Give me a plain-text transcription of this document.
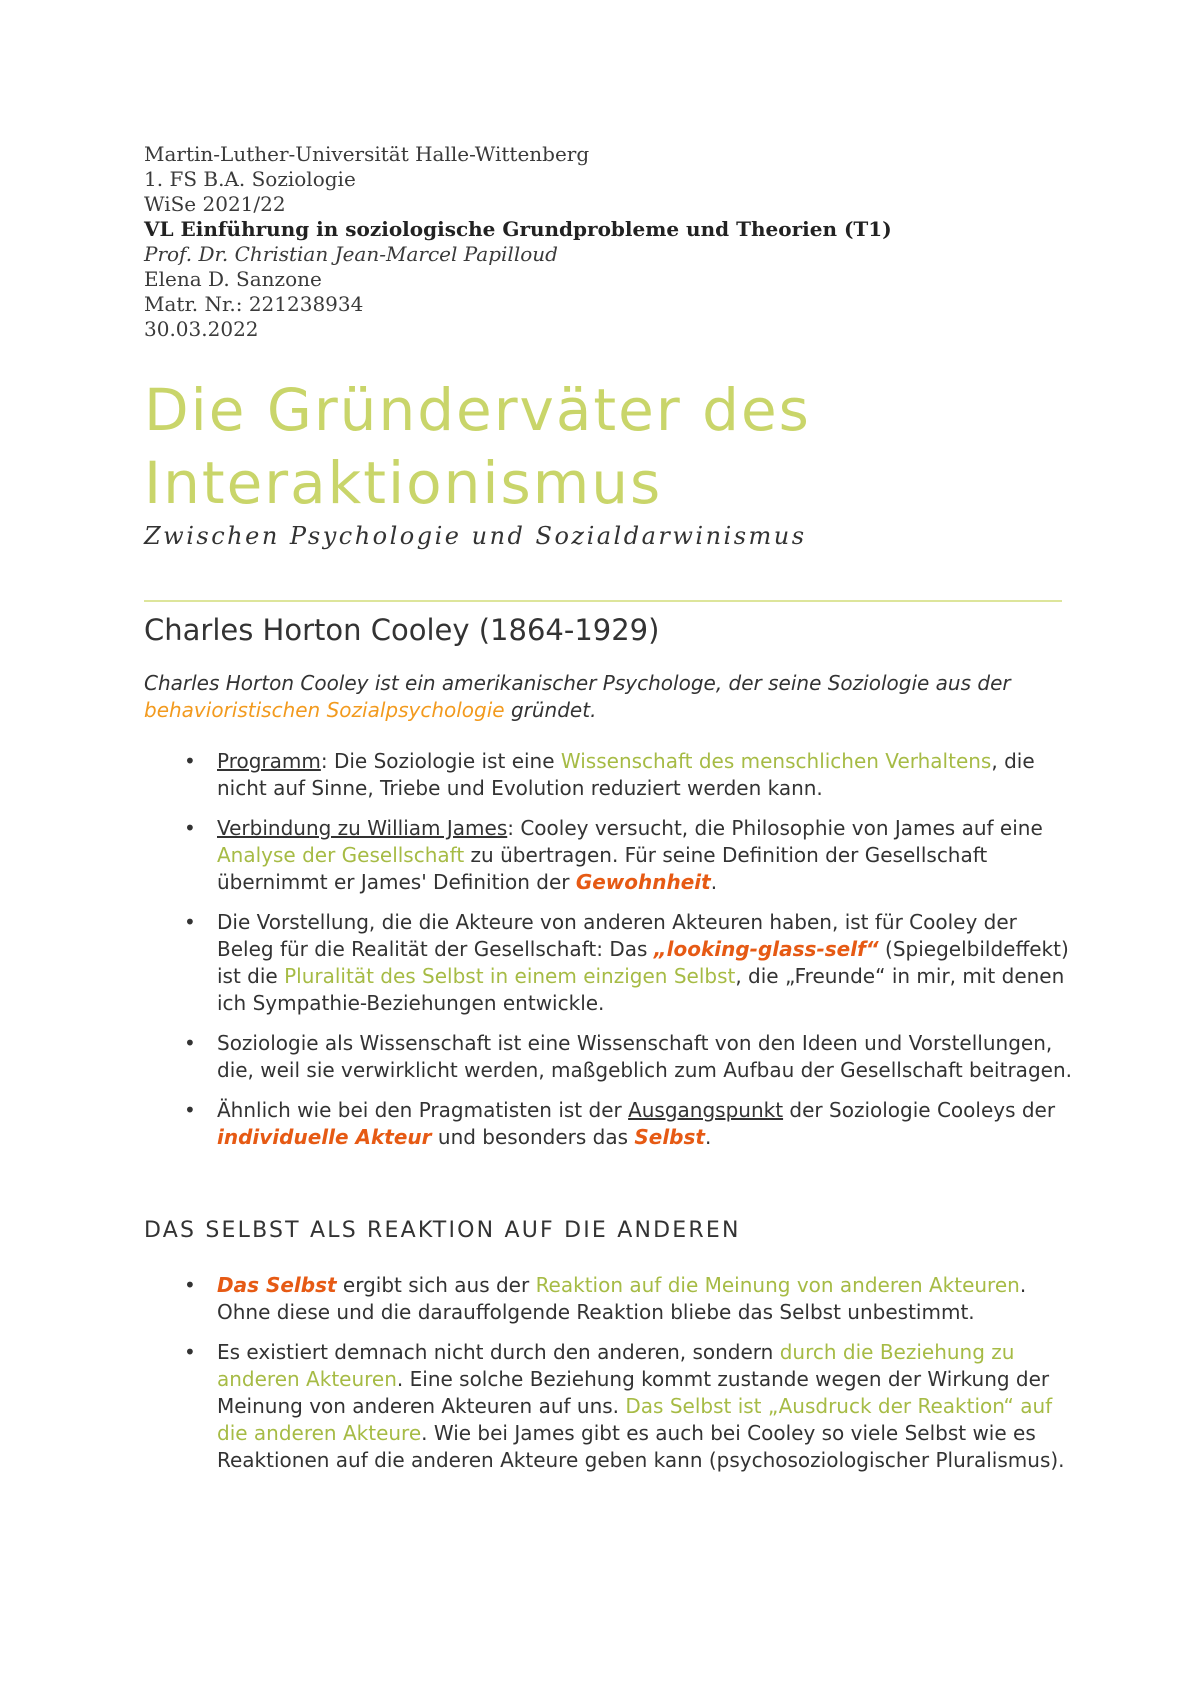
Martin-Luther-Universität Halle-Wittenberg
1. FS B.A. Soziologie
WiSe 2021/22
VL Einführung in soziologische Grundprobleme und Theorien (T1)
Prof. Dr. Christian Jean-Marcel Papilloud
Elena D. Sanzone
Matr. Nr.: 221238934
30.03.2022
Die Gründerväter des
Interaktionismus
Zwischen Psychologie und Sozialdarwinismus
Charles Horton Cooley (1864-1929)
Charles Horton Cooley ist ein amerikanischer Psychologe, der seine Soziologie aus der behavioristischen Sozialpsychologie gründet.
• Programm: Die Soziologie ist eine Wissenschaft des menschlichen Verhaltens, die nicht auf Sinne, Triebe und Evolution reduziert werden kann.
• Verbindung zu William James: Cooley versucht, die Philosophie von James auf eine Analyse der Gesellschaft zu übertragen. Für seine Definition der Gesellschaft übernimmt er James' Definition der Gewohnheit.
• Die Vorstellung, die die Akteure von anderen Akteuren haben, ist für Cooley der Beleg für die Realität der Gesellschaft: Das „looking-glass-self“ (Spiegelbildeffekt) ist die Pluralität des Selbst in einem einzigen Selbst, die „Freunde“ in mir, mit denen ich Sympathie-Beziehungen entwickle.
• Soziologie als Wissenschaft ist eine Wissenschaft von den Ideen und Vorstellungen, die, weil sie verwirklicht werden, maßgeblich zum Aufbau der Gesellschaft beitragen.
• Ähnlich wie bei den Pragmatisten ist der Ausgangspunkt der Soziologie Cooleys der individuelle Akteur und besonders das Selbst.
DAS SELBST ALS REAKTION AUF DIE ANDEREN
• Das Selbst ergibt sich aus der Reaktion auf die Meinung von anderen Akteuren. Ohne diese und die darauffolgende Reaktion bliebe das Selbst unbestimmt.
• Es existiert demnach nicht durch den anderen, sondern durch die Beziehung zu anderen Akteuren. Eine solche Beziehung kommt zustande wegen der Wirkung der Meinung von anderen Akteuren auf uns. Das Selbst ist „Ausdruck der Reaktion“ auf die anderen Akteure. Wie bei James gibt es auch bei Cooley so viele Selbst wie es Reaktionen auf die anderen Akteure geben kann (psychosoziologischer Pluralismus).
